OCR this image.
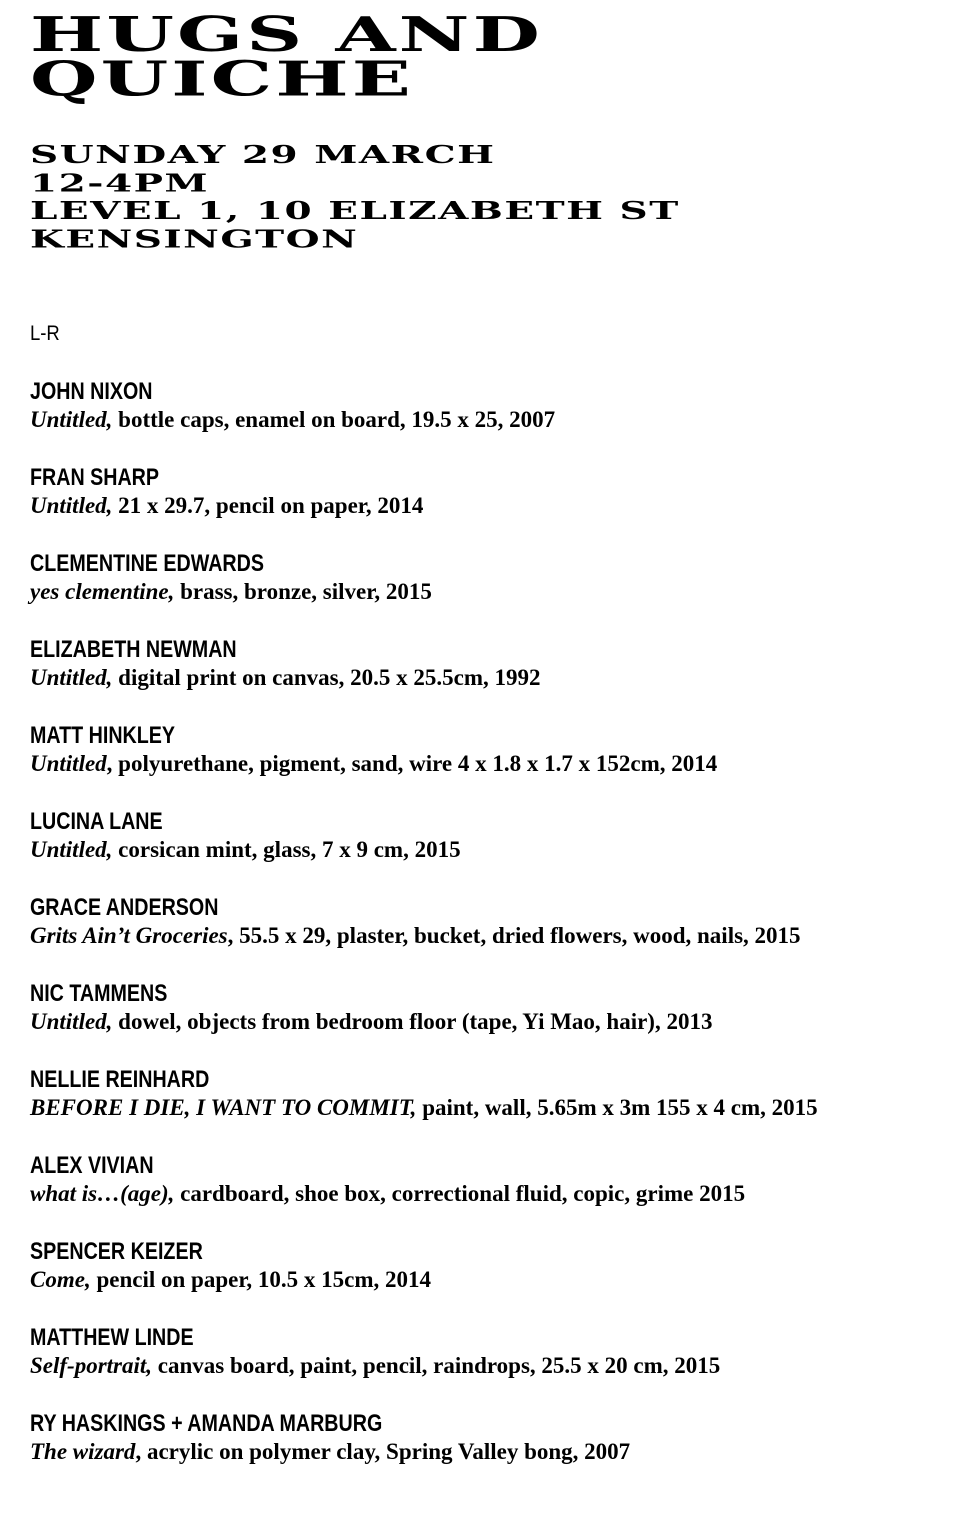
HUGS AND
QUICHE
SUNDAY 29 MARCH
12-4PM
LEVEL 1, 10 ELIZABETH ST
KENSINGTON
L-R
JOHN NIXON
Untitled, bottle caps, enamel on board, 19.5 x 25, 2007
FRAN SHARP
Untitled, 21 x 29.7, pencil on paper, 2014
CLEMENTINE EDWARDS
yes clementine, brass, bronze, silver, 2015
ELIZABETH NEWMAN
Untitled, digital print on canvas, 20.5 x 25.5cm, 1992
MATT HINKLEY
Untitled, polyurethane, pigment, sand, wire 4 x 1.8 x 1.7 x 152cm, 2014
LUCINA LANE
Untitled, corsican mint, glass, 7 x 9 cm, 2015
GRACE ANDERSON
Grits Ain’t Groceries, 55.5 x 29, plaster, bucket, dried flowers, wood, nails, 2015
NIC TAMMENS
Untitled, dowel, objects from bedroom floor (tape, Yi Mao, hair), 2013
NELLIE REINHARD
BEFORE I DIE, I WANT TO COMMIT, paint, wall, 5.65m x 3m 155 x 4 cm, 2015
ALEX VIVIAN
what is…(age), cardboard, shoe box, correctional fluid, copic, grime 2015
SPENCER KEIZER
Come, pencil on paper, 10.5 x 15cm, 2014
MATTHEW LINDE
Self-portrait, canvas board, paint, pencil, raindrops, 25.5 x 20 cm, 2015
RY HASKINGS + AMANDA MARBURG
The wizard, acrylic on polymer clay, Spring Valley bong, 2007
